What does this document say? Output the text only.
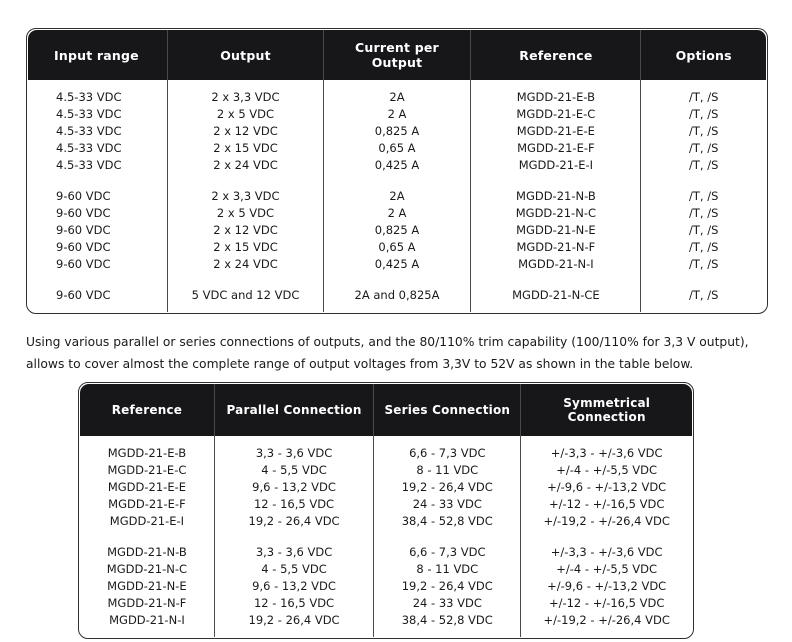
Input range	Output	Current per Output	Reference	Options
4.5-33 VDC	2 x 3,3 VDC	2A	MGDD-21-E-B	/T, /S
4.5-33 VDC	2 x 5 VDC	2 A	MGDD-21-E-C	/T, /S
4.5-33 VDC	2 x 12 VDC	0,825 A	MGDD-21-E-E	/T, /S
4.5-33 VDC	2 x 15 VDC	0,65 A	MGDD-21-E-F	/T, /S
4.5-33 VDC	2 x 24 VDC	0,425 A	MGDD-21-E-I	/T, /S

9-60 VDC	2 x 3,3 VDC	2A	MGDD-21-N-B	/T, /S
9-60 VDC	2 x 5 VDC	2 A	MGDD-21-N-C	/T, /S
9-60 VDC	2 x 12 VDC	0,825 A	MGDD-21-N-E	/T, /S
9-60 VDC	2 x 15 VDC	0,65 A	MGDD-21-N-F	/T, /S
9-60 VDC	2 x 24 VDC	0,425 A	MGDD-21-N-I	/T, /S

9-60 VDC	5 VDC and 12 VDC	2A and 0,825A	MGDD-21-N-CE	/T, /S

Using various parallel or series connections of outputs, and the 80/110% trim capability (100/110% for 3,3 V output), allows to cover almost the complete range of output voltages from 3,3V to 52V as shown in the table below.

Reference	Parallel Connection	Series Connection	Symmetrical Connection
MGDD-21-E-B	3,3 - 3,6 VDC	6,6 - 7,3 VDC	+/-3,3 - +/-3,6 VDC
MGDD-21-E-C	4 - 5,5 VDC	8 - 11 VDC	+/-4 - +/-5,5 VDC
MGDD-21-E-E	9,6 - 13,2 VDC	19,2 - 26,4 VDC	+/-9,6 - +/-13,2 VDC
MGDD-21-E-F	12 - 16,5 VDC	24 - 33 VDC	+/-12 - +/-16,5 VDC
MGDD-21-E-I	19,2 - 26,4 VDC	38,4 - 52,8 VDC	+/-19,2 - +/-26,4 VDC

MGDD-21-N-B	3,3 - 3,6 VDC	6,6 - 7,3 VDC	+/-3,3 - +/-3,6 VDC
MGDD-21-N-C	4 - 5,5 VDC	8 - 11 VDC	+/-4 - +/-5,5 VDC
MGDD-21-N-E	9,6 - 13,2 VDC	19,2 - 26,4 VDC	+/-9,6 - +/-13,2 VDC
MGDD-21-N-F	12 - 16,5 VDC	24 - 33 VDC	+/-12 - +/-16,5 VDC
MGDD-21-N-I	19,2 - 26,4 VDC	38,4 - 52,8 VDC	+/-19,2 - +/-26,4 VDC
